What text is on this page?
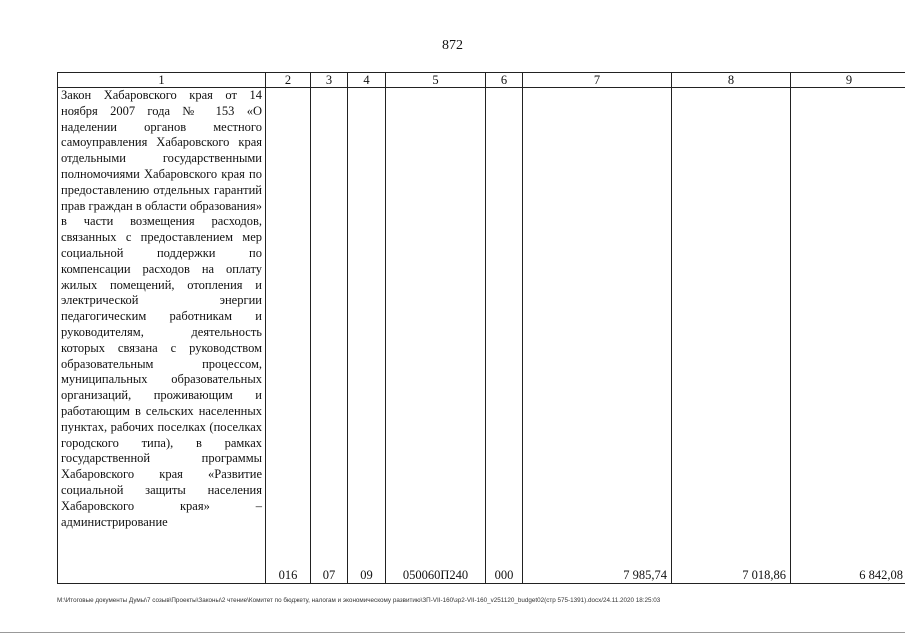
872
1	2	3	4	5	6	7	8	9
Закон Хабаровского края от 14 ноября 2007 года № 153 «О наделении органов местного самоуправления Хабаровского края отдельными государственными полномочиями Хабаровского края по предоставлению отдельных гарантий прав граждан в области образования» в части возмещения расходов, связанных с предоставлением мер социальной поддержки по компенсации расходов на оплату жилых помещений, отопления и электрической энергии педагогическим работникам и руководителям, деятельность которых связана с руководством образовательным процессом, муниципальных образовательных организаций, проживающим и работающим в сельских населенных пунктах, рабочих поселках (поселках городского типа), в рамках государственной программы Хабаровского края «Развитие социальной защиты населения Хабаровского края» – администрирование	016	07	09	050060П240	000	7 985,74	7 018,86	6 842,08
M:\Итоговые документы Думы\7 созыв\Проекты\Законы\2 чтение\Комитет по бюджету, налогам и экономическому развитию\ЗП-VII-160\зр2-VII-160_v251120_budget02(стр 575-1391).docx/24.11.2020 18:25:03
